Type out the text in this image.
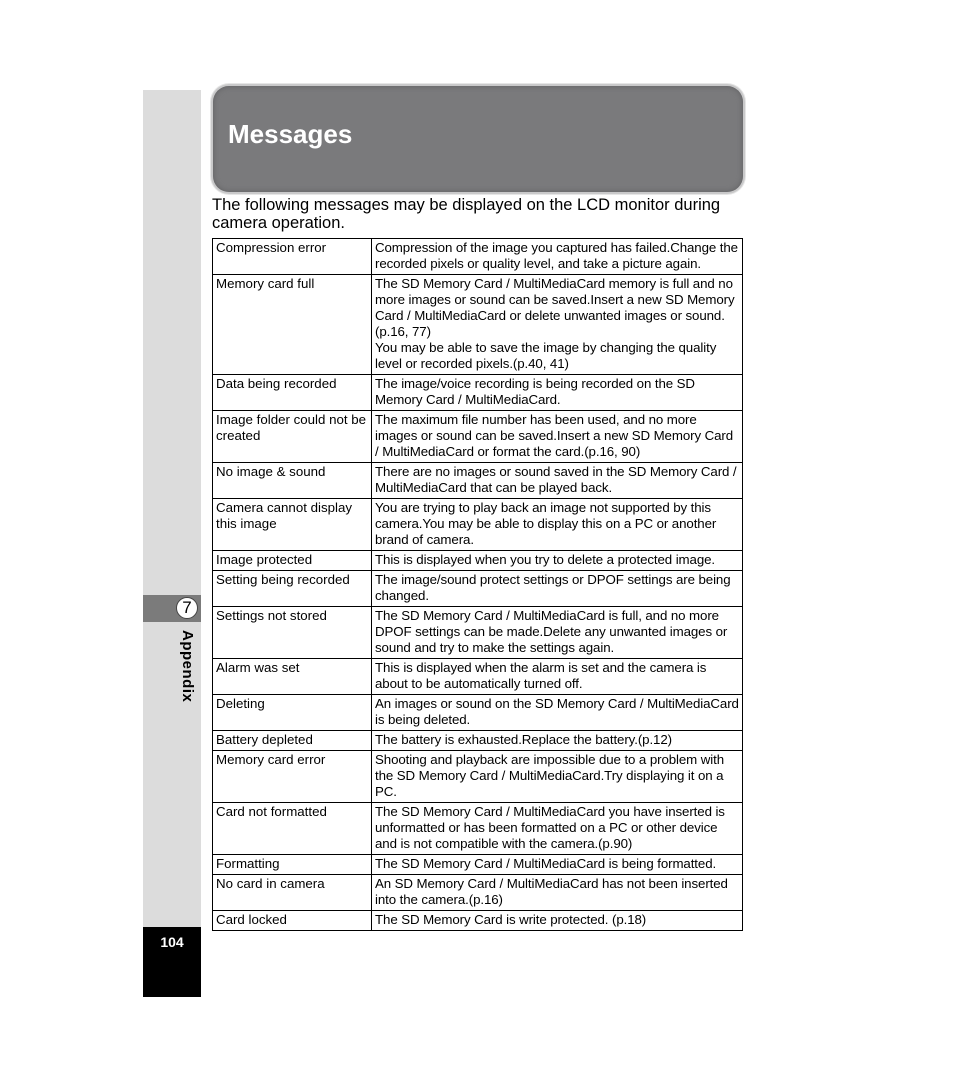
7
Appendix
104
Messages

The following messages may be displayed on the LCD monitor during camera operation.

Compression error	Compression of the image you captured has failed.Change the recorded pixels or quality level, and take a picture again.
Memory card full	The SD Memory Card / MultiMediaCard memory is full and no more images or sound can be saved.Insert a new SD Memory Card / MultiMediaCard or delete unwanted images or sound.(p.16, 77)
You may be able to save the image by changing the quality level or recorded pixels.(p.40, 41)

Data being recorded	The image/voice recording is being recorded on the SD Memory Card / MultiMediaCard.
Image folder could not be created	The maximum file number has been used, and no more images or sound can be saved.Insert a new SD Memory Card / MultiMediaCard or format the card.(p.16, 90)
No image & sound	There are no images or sound saved in the SD Memory Card / MultiMediaCard that can be played back.
Camera cannot display this image	You are trying to play back an image not supported by this camera.You may be able to display this on a PC or another brand of camera.
Image protected	This is displayed when you try to delete a protected image.
Setting being recorded	The image/sound protect settings or DPOF settings are being changed.
Settings not stored	The SD Memory Card / MultiMediaCard is full, and no more DPOF settings can be made.Delete any unwanted images or sound and try to make the settings again.
Alarm was set	This is displayed when the alarm is set and the camera is about to be automatically turned off.
Deleting	An images or sound on the SD Memory Card / MultiMediaCard is being deleted.
Battery depleted	The battery is exhausted.Replace the battery.(p.12)
Memory card error	Shooting and playback are impossible due to a problem with the SD Memory Card / MultiMediaCard.Try displaying it on a PC.
Card not formatted	The SD Memory Card / MultiMediaCard you have inserted is unformatted or has been formatted on a PC or other device and is not compatible with the camera.(p.90)
Formatting	The SD Memory Card / MultiMediaCard is being formatted.
No card in camera	An SD Memory Card / MultiMediaCard has not been inserted into the camera.(p.16)
Card locked	The SD Memory Card is write protected. (p.18)
